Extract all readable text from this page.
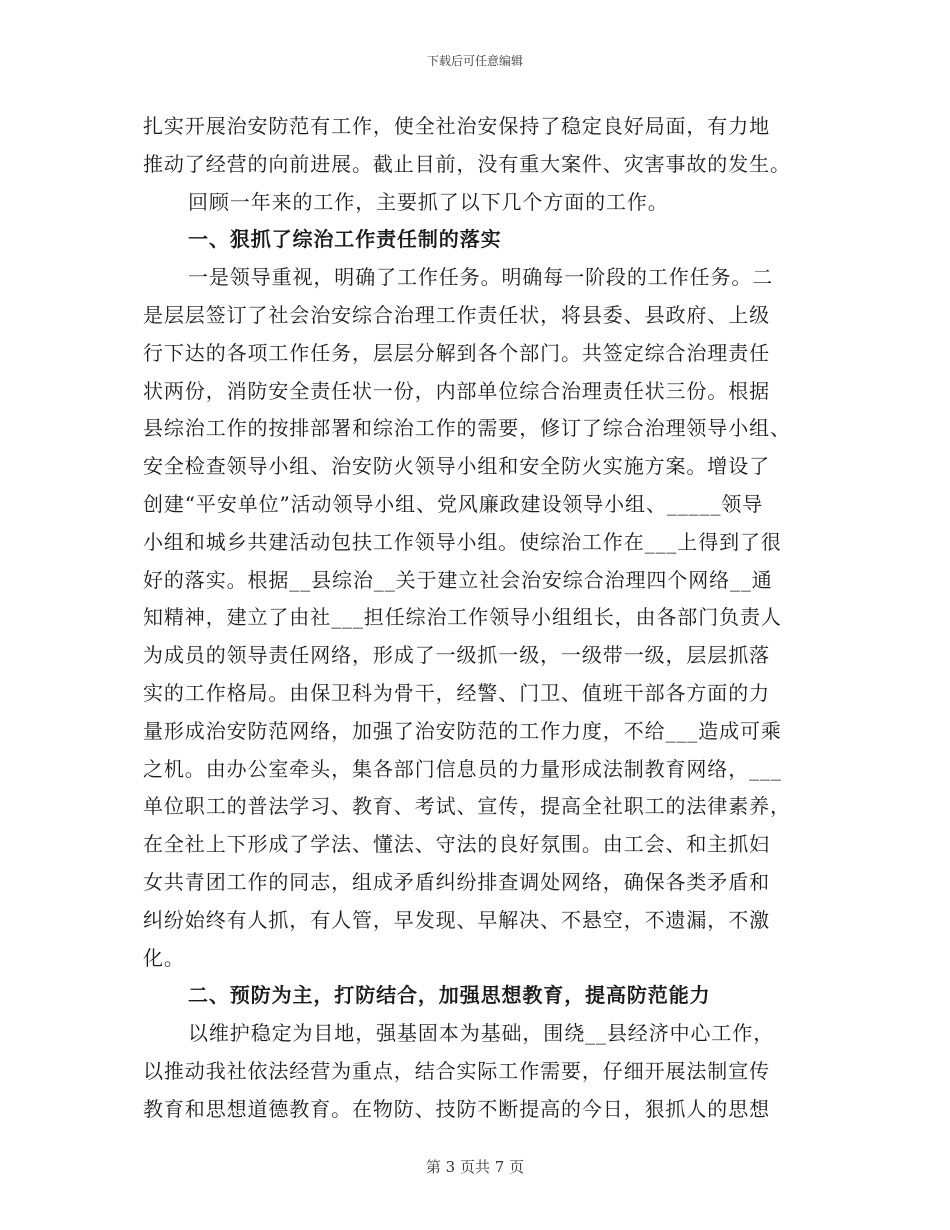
下载后可任意编辑
扎实开展治安防范有工作，使全社治安保持了稳定良好局面，有力地
推动了经营的向前进展。截止目前，没有重大案件、灾害事故的发生。
回顾一年来的工作，主要抓了以下几个方面的工作。
一、狠抓了综治工作责任制的落实
一是领导重视，明确了工作任务。明确每一阶段的工作任务。二
是层层签订了社会治安综合治理工作责任状，将县委、县政府、上级
行下达的各项工作任务，层层分解到各个部门。共签定综合治理责任
状两份，消防安全责任状一份，内部单位综合治理责任状三份。根据
县综治工作的按排部署和综治工作的需要，修订了综合治理领导小组、
安全检查领导小组、治安防火领导小组和安全防火实施方案。增设了
创建“平安单位”活动领导小组、党风廉政建设领导小组、_____领导
小组和城乡共建活动包扶工作领导小组。使综治工作在___上得到了很
好的落实。根据__县综治__关于建立社会治安综合治理四个网络__通
知精神，建立了由社___担任综治工作领导小组组长，由各部门负责人
为成员的领导责任网络，形成了一级抓一级，一级带一级，层层抓落
实的工作格局。由保卫科为骨干，经警、门卫、值班干部各方面的力
量形成治安防范网络，加强了治安防范的工作力度，不给___造成可乘
之机。由办公室牵头，集各部门信息员的力量形成法制教育网络，___
单位职工的普法学习、教育、考试、宣传，提高全社职工的法律素养，
在全社上下形成了学法、懂法、守法的良好氛围。由工会、和主抓妇
女共青团工作的同志，组成矛盾纠纷排查调处网络，确保各类矛盾和
纠纷始终有人抓，有人管，早发现、早解决、不悬空，不遗漏，不激
化。
二、预防为主，打防结合，加强思想教育，提高防范能力
以维护稳定为目地，强基固本为基础，围绕__县经济中心工作，
以推动我社依法经营为重点，结合实际工作需要，仔细开展法制宣传
教育和思想道德教育。在物防、技防不断提高的今日，狠抓人的思想
第 3 页共 7 页
